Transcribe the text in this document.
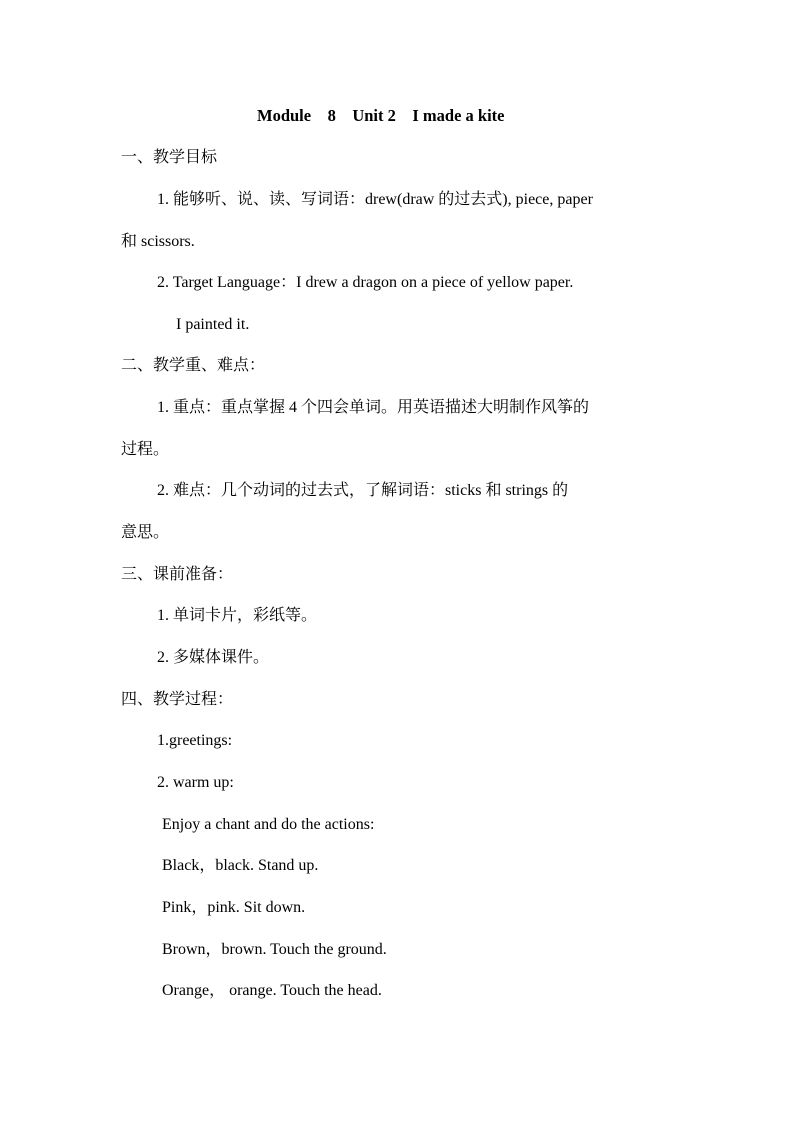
Module    8    Unit 2    I made a kite
一、教学目标
1. 能够听、说、读、写词语：drew(draw 的过去式), piece, paper
和 scissors.
2. Target Language：I drew a dragon on a piece of yellow paper.
I painted it.
二、教学重、难点：
1. 重点：重点掌握 4 个四会单词。用英语描述大明制作风筝的
过程。
2. 难点：几个动词的过去式，了解词语：sticks 和 strings 的
意思。
三、课前准备：
1. 单词卡片，彩纸等。
2. 多媒体课件。
四、教学过程：
1.greetings:
2. warm up:
Enjoy a chant and do the actions:
Black，black. Stand up.
Pink，pink. Sit down.
Brown，brown. Touch the ground.
Orange， orange. Touch the head.
